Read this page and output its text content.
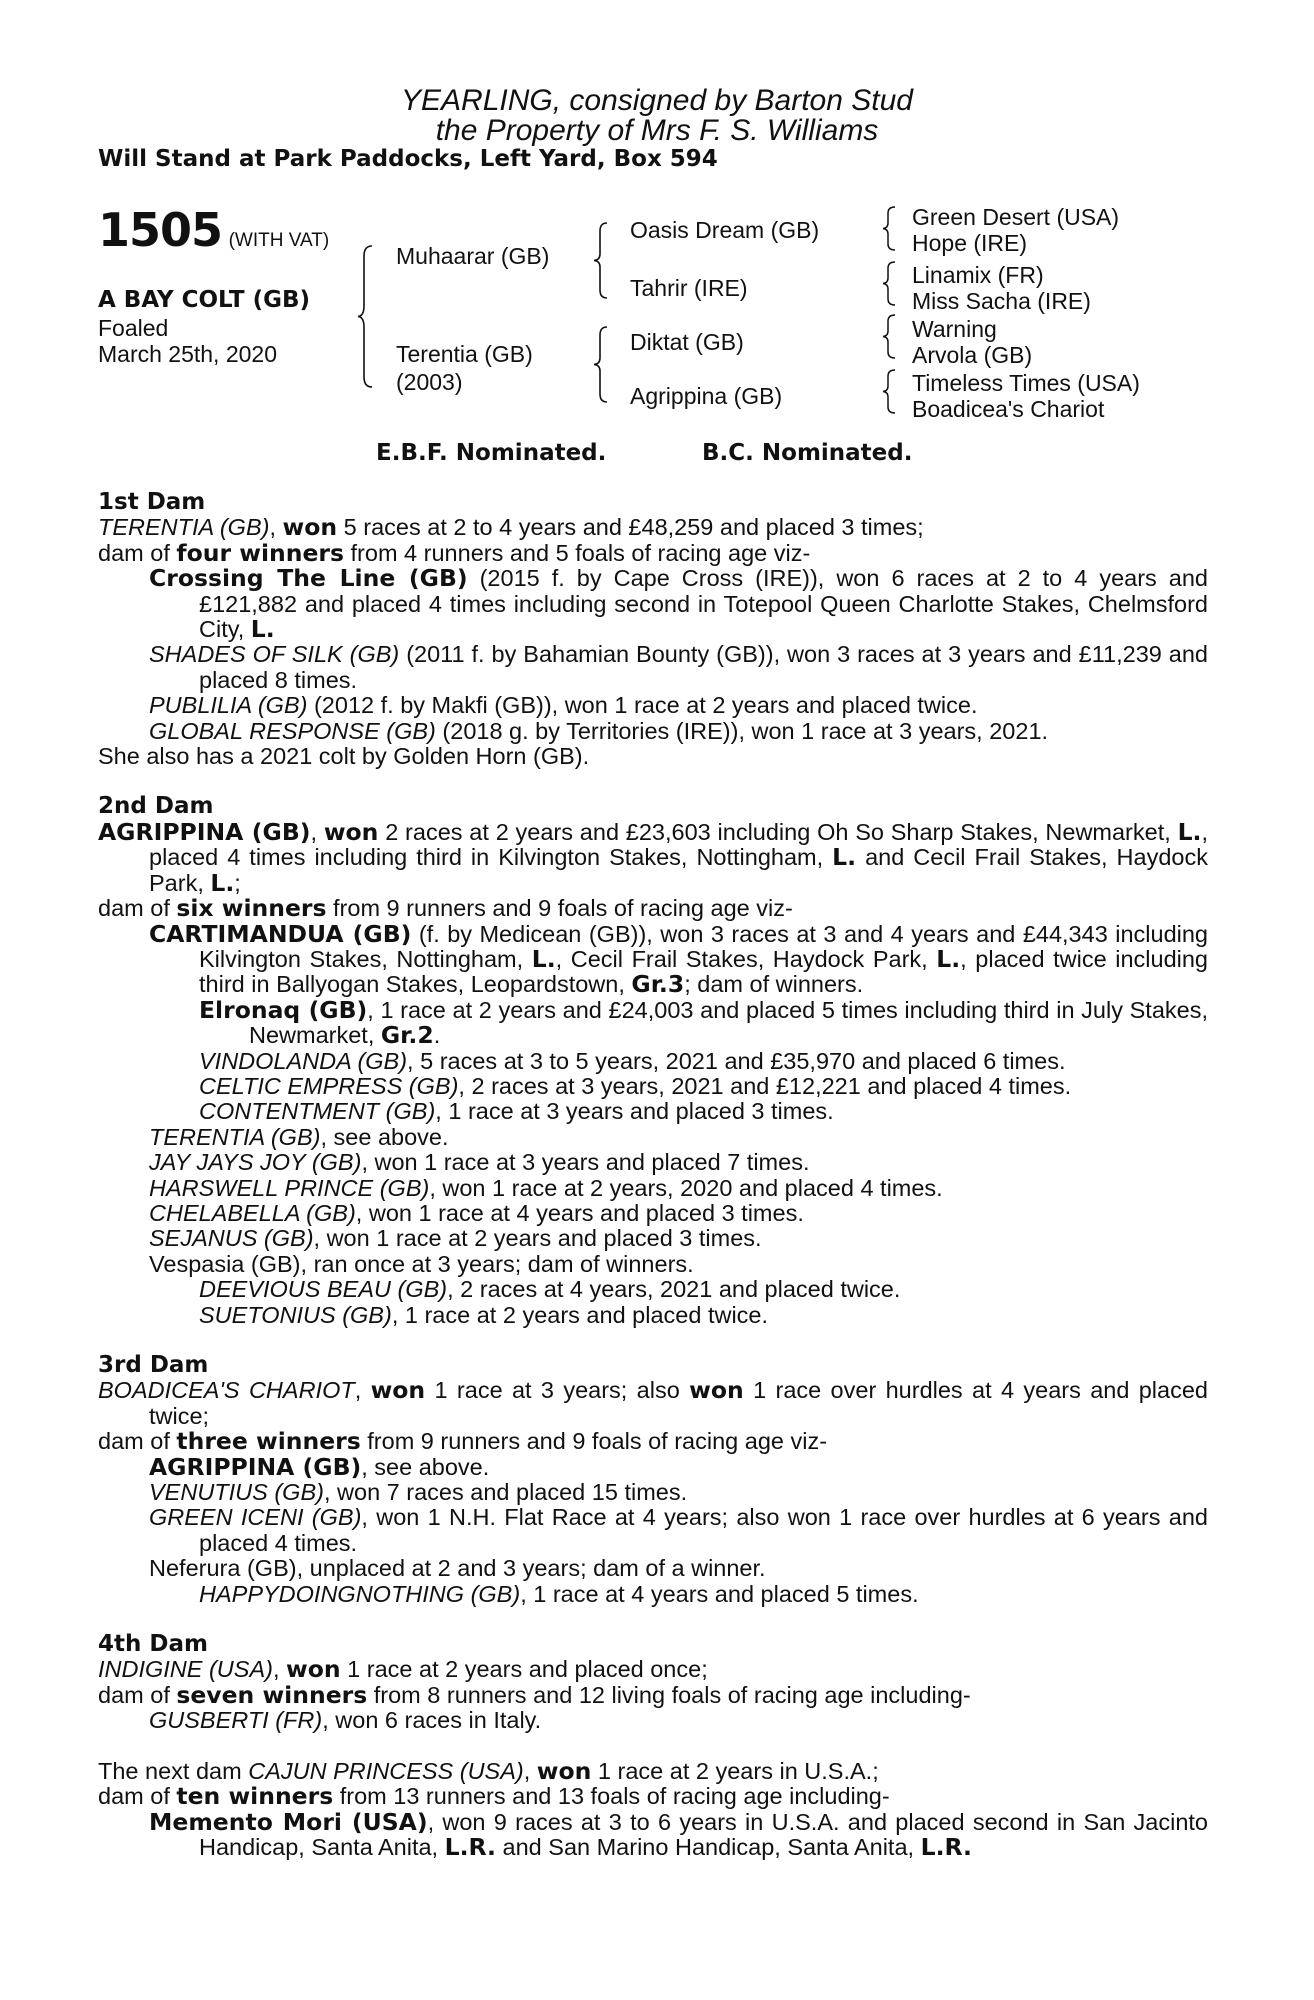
YEARLING, consigned by Barton Stud
the Property of Mrs F. S. Williams
Will Stand at Park Paddocks, Left Yard, Box 594
1505 (WITH VAT)
A BAY COLT (GB)
Foaled
March 25th, 2020
Muhaarar (GB)
Terentia (GB)
(2003)
Oasis Dream (GB)
Tahrir (IRE)
Diktat (GB)
Agrippina (GB)
Green Desert (USA)
Hope (IRE)
Linamix (FR)
Miss Sacha (IRE)
Warning
Arvola (GB)
Timeless Times (USA)
Boadicea's Chariot
E.B.F. Nominated.	B.C. Nominated.
1st Dam
TERENTIA (GB), won 5 races at 2 to 4 years and £48,259 and placed 3 times;
dam of four winners from 4 runners and 5 foals of racing age viz-
Crossing The Line (GB) (2015 f. by Cape Cross (IRE)), won 6 races at 2 to 4 years and £121,882 and placed 4 times including second in Totepool Queen Charlotte Stakes, Chelmsford City, L.
SHADES OF SILK (GB) (2011 f. by Bahamian Bounty (GB)), won 3 races at 3 years and £11,239 and placed 8 times.
PUBLILIA (GB) (2012 f. by Makfi (GB)), won 1 race at 2 years and placed twice.
GLOBAL RESPONSE (GB) (2018 g. by Territories (IRE)), won 1 race at 3 years, 2021.
She also has a 2021 colt by Golden Horn (GB).
2nd Dam
AGRIPPINA (GB), won 2 races at 2 years and £23,603 including Oh So Sharp Stakes, Newmarket, L., placed 4 times including third in Kilvington Stakes, Nottingham, L. and Cecil Frail Stakes, Haydock Park, L.;
dam of six winners from 9 runners and 9 foals of racing age viz-
CARTIMANDUA (GB) (f. by Medicean (GB)), won 3 races at 3 and 4 years and £44,343 including Kilvington Stakes, Nottingham, L., Cecil Frail Stakes, Haydock Park, L., placed twice including third in Ballyogan Stakes, Leopardstown, Gr.3; dam of winners.
Elronaq (GB), 1 race at 2 years and £24,003 and placed 5 times including third in July Stakes, Newmarket, Gr.2.
VINDOLANDA (GB), 5 races at 3 to 5 years, 2021 and £35,970 and placed 6 times.
CELTIC EMPRESS (GB), 2 races at 3 years, 2021 and £12,221 and placed 4 times.
CONTENTMENT (GB), 1 race at 3 years and placed 3 times.
TERENTIA (GB), see above.
JAY JAYS JOY (GB), won 1 race at 3 years and placed 7 times.
HARSWELL PRINCE (GB), won 1 race at 2 years, 2020 and placed 4 times.
CHELABELLA (GB), won 1 race at 4 years and placed 3 times.
SEJANUS (GB), won 1 race at 2 years and placed 3 times.
Vespasia (GB), ran once at 3 years; dam of winners.
DEEVIOUS BEAU (GB), 2 races at 4 years, 2021 and placed twice.
SUETONIUS (GB), 1 race at 2 years and placed twice.
3rd Dam
BOADICEA'S CHARIOT, won 1 race at 3 years; also won 1 race over hurdles at 4 years and placed twice;
dam of three winners from 9 runners and 9 foals of racing age viz-
AGRIPPINA (GB), see above.
VENUTIUS (GB), won 7 races and placed 15 times.
GREEN ICENI (GB), won 1 N.H. Flat Race at 4 years; also won 1 race over hurdles at 6 years and placed 4 times.
Neferura (GB), unplaced at 2 and 3 years; dam of a winner.
HAPPYDOINGNOTHING (GB), 1 race at 4 years and placed 5 times.
4th Dam
INDIGINE (USA), won 1 race at 2 years and placed once;
dam of seven winners from 8 runners and 12 living foals of racing age including-
GUSBERTI (FR), won 6 races in Italy.
The next dam CAJUN PRINCESS (USA), won 1 race at 2 years in U.S.A.;
dam of ten winners from 13 runners and 13 foals of racing age including-
Memento Mori (USA), won 9 races at 3 to 6 years in U.S.A. and placed second in San Jacinto Handicap, Santa Anita, L.R. and San Marino Handicap, Santa Anita, L.R.
